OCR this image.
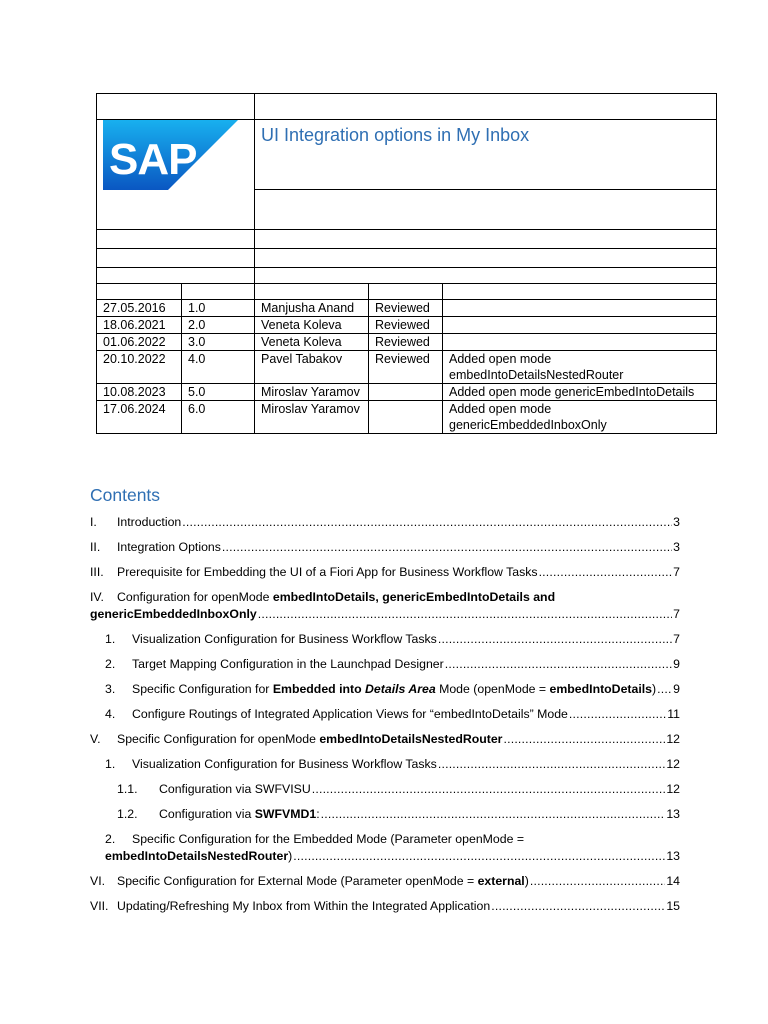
SAP		UI Integration options in My Inbox		

27.05.2016	1.0	Manjusha Anand	Reviewed	
18.06.2021	2.0	Veneta Koleva	Reviewed	
01.06.2022	3.0	Veneta Koleva	Reviewed	
20.10.2022	4.0	Pavel Tabakov	Reviewed	Added open mode embedIntoDetailsNestedRouter
10.08.2023	5.0	Miroslav Yaramov		Added open mode genericEmbedIntoDetails
17.06.2024	6.0	Miroslav Yaramov		Added open mode genericEmbeddedInboxOnly
Contents
I.	Introduction .....	3
II.	Integration Options .....	3
III.	Prerequisite for Embedding the UI of a Fiori App for Business Workflow Tasks .....	7
IV.	Configuration for openMode embedIntoDetails, genericEmbedIntoDetails and
genericEmbeddedInboxOnly .....	7
1.	Visualization Configuration for Business Workflow Tasks .....	7
2.	Target Mapping Configuration in the Launchpad Designer .....	9
3.	Specific Configuration for Embedded into Details Area Mode (openMode = embedIntoDetails) ..... 9
4.	Configure Routings of Integrated Application Views for “embedIntoDetails” Mode .....	11
V.	Specific Configuration for openMode embedIntoDetailsNestedRouter .....	12
1.	Visualization Configuration for Business Workflow Tasks .....	12
1.1.	Configuration via SWFVISU .....	12
1.2.	Configuration via SWFVMD1: .....	13
2.	Specific Configuration for the Embedded Mode (Parameter openMode =
embedIntoDetailsNestedRouter) .....	13
VI. Specific Configuration for External Mode (Parameter openMode = external) .....	14
VII. Updating/Refreshing My Inbox from Within the Integrated Application .....	15
